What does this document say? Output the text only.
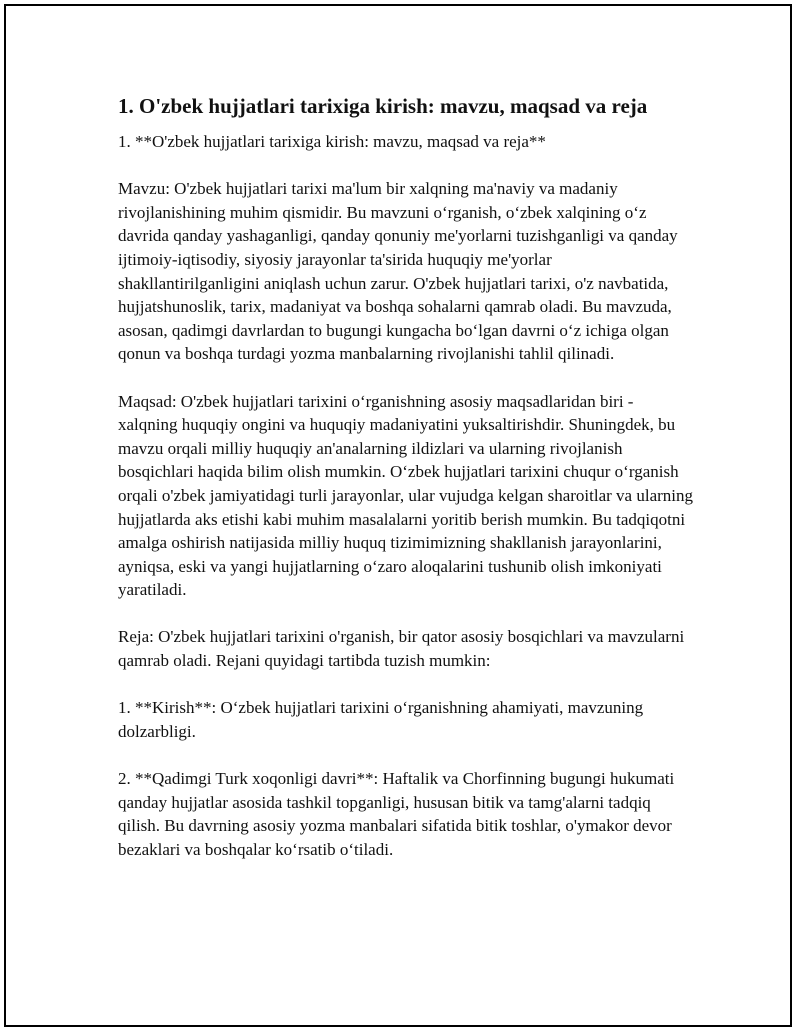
1. O'zbek hujjatlari tarixiga kirish: mavzu, maqsad va reja

1. **O'zbek hujjatlari tarixiga kirish: mavzu, maqsad va reja**

Mavzu: O'zbek hujjatlari tarixi ma'lum bir xalqning ma'naviy va madaniy rivojlanishining muhim qismidir. Bu mavzuni o‘rganish, o‘zbek xalqining o‘z davrida qanday yashaganligi, qanday qonuniy me'yorlarni tuzishganligi va qanday ijtimoiy-iqtisodiy, siyosiy jarayonlar ta'sirida huquqiy me'yorlar shakllantirilganligini aniqlash uchun zarur. O'zbek hujjatlari tarixi, o'z navbatida, hujjatshunoslik, tarix, madaniyat va boshqa sohalarni qamrab oladi. Bu mavzuda, asosan, qadimgi davrlardan to bugungi kungacha bo‘lgan davrni o‘z ichiga olgan qonun va boshqa turdagi yozma manbalarning rivojlanishi tahlil qilinadi.

Maqsad: O'zbek hujjatlari tarixini o‘rganishning asosiy maqsadlaridan biri - xalqning huquqiy ongini va huquqiy madaniyatini yuksaltirishdir. Shuningdek, bu mavzu orqali milliy huquqiy an'analarning ildizlari va ularning rivojlanish bosqichlari haqida bilim olish mumkin. O‘zbek hujjatlari tarixini chuqur o‘rganish orqali o'zbek jamiyatidagi turli jarayonlar, ular vujudga kelgan sharoitlar va ularning hujjatlarda aks etishi kabi muhim masalalarni yoritib berish mumkin. Bu tadqiqotni amalga oshirish natijasida milliy huquq tizimimizning shakllanish jarayonlarini, ayniqsa, eski va yangi hujjatlarning o‘zaro aloqalarini tushunib olish imkoniyati yaratiladi.

Reja: O'zbek hujjatlari tarixini o'rganish, bir qator asosiy bosqichlari va mavzularni qamrab oladi. Rejani quyidagi tartibda tuzish mumkin:

1. **Kirish**: O‘zbek hujjatlari tarixini o‘rganishning ahamiyati, mavzuning dolzarbligi.

2. **Qadimgi Turk xoqonligi davri**: Haftalik va Chorfinning bugungi hukumati qanday hujjatlar asosida tashkil topganligi, hususan bitik va tamg'alarni tadqiq qilish. Bu davrning asosiy yozma manbalari sifatida bitik toshlar, o'ymakor devor bezaklari va boshqalar ko‘rsatib o‘tiladi.
